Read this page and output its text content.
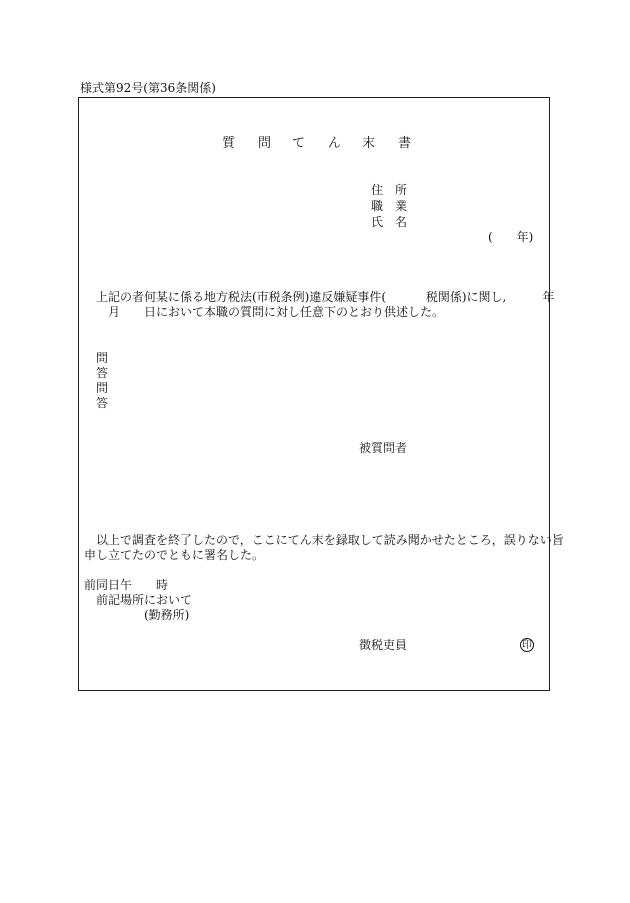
様式第92号(第36条関係)
質 問 て ん 末 書
住　所
職　業
氏　名
(　　年)
上記の者何某に係る地方税法(市税条例)違反嫌疑事件(　　　 税関係)に関し,　　　年
月　　日において本職の質問に対し任意下のとおり供述した。
問
答
問
答
被質問者
以上で調査を終了したので，ここにてん末を録取して読み聞かせたところ，誤りない旨
申し立てたのでともに署名した。
前同日午　　時
前記場所において
(勤務所)
徴税吏員	印
